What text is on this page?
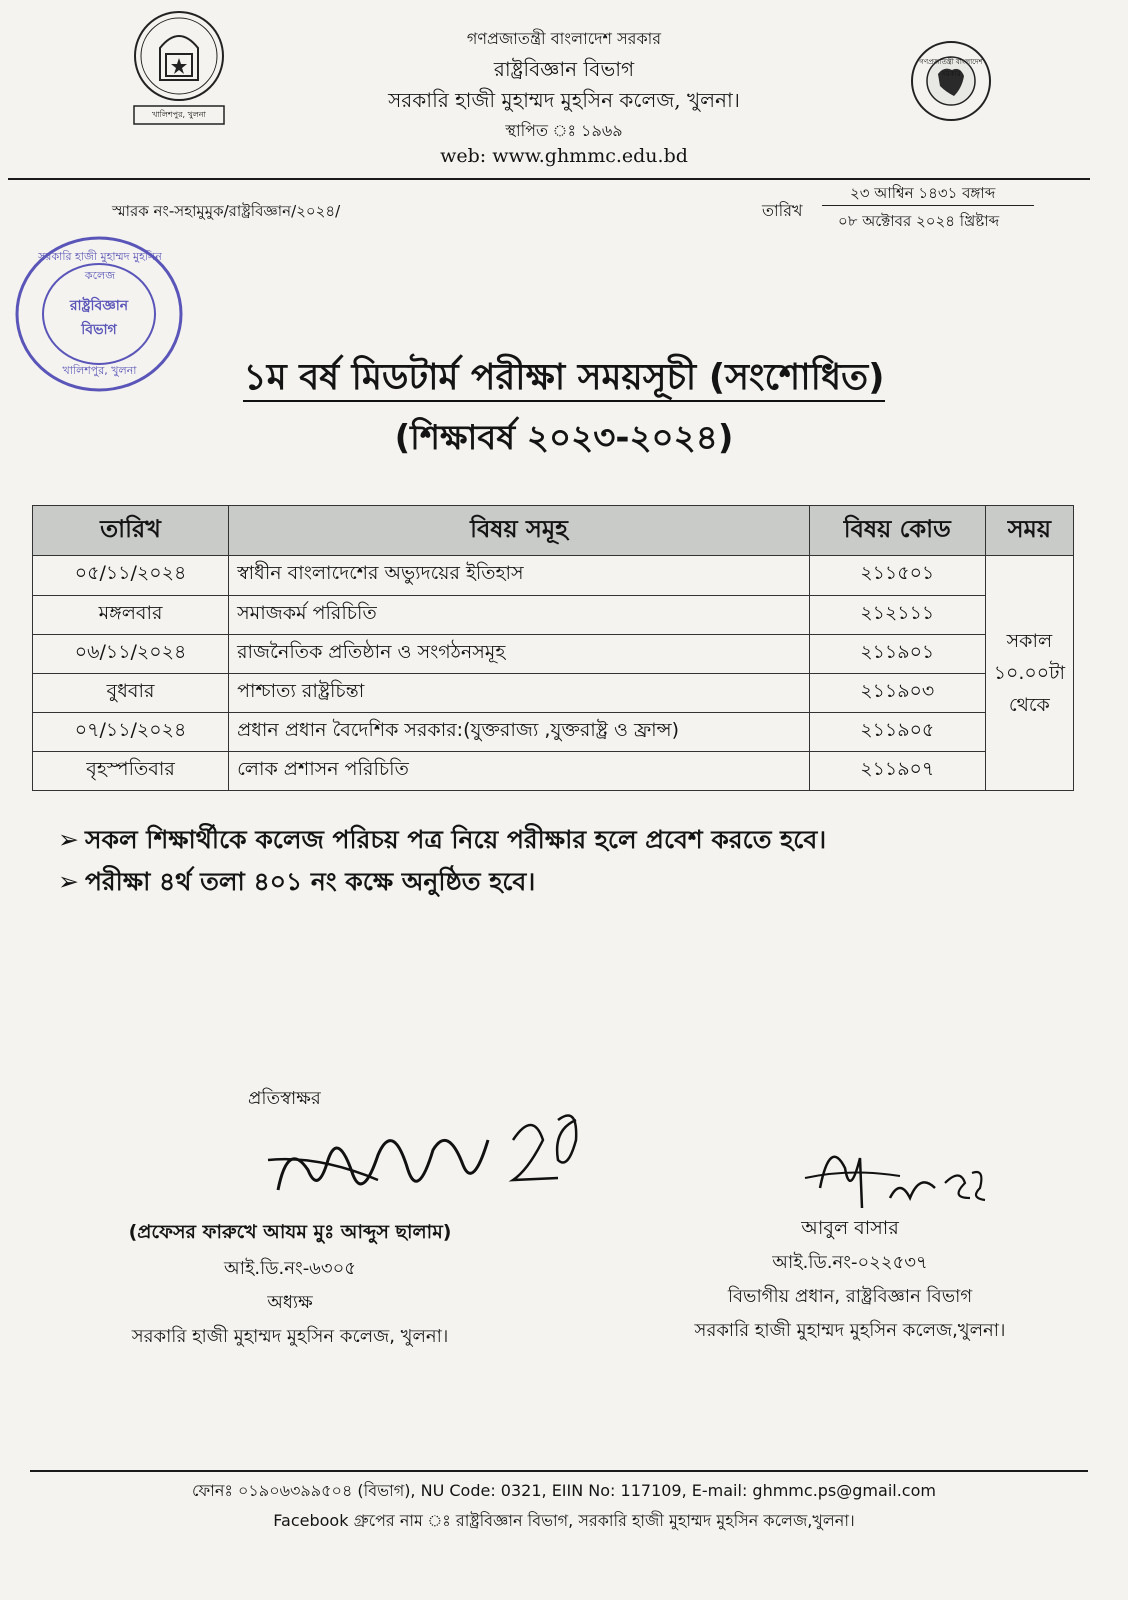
খালিশপুর, খুলনা
গণপ্রজাতন্ত্রী বাংলাদেশ সরকার
গণপ্রজাতন্ত্রী বাংলাদেশ সরকার
রাষ্ট্রবিজ্ঞান বিভাগ
সরকারি হাজী মুহাম্মদ মুহসিন কলেজ, খুলনা।
স্থাপিত ঃ ১৯৬৯
web: www.ghmmc.edu.bd
স্মারক নং-সহামুমুক/রাষ্ট্রবিজ্ঞান/২০২৪/	তারিখ
২৩ আশ্বিন ১৪৩১ বঙ্গাব্দ
০৮ অক্টোবর ২০২৪ খ্রিষ্টাব্দ
সরকারি হাজী মুহাম্মদ মুহসিন কলেজ
রাষ্ট্রবিজ্ঞান বিভাগ
খালিশপুর, খুলনা	১ম বর্ষ মিডটার্ম পরীক্ষা সময়সূচী (সংশোধিত)
(শিক্ষাবর্ষ ২০২৩-২০২৪)
তারিখ	বিষয় সমূহ	বিষয় কোড	সময়
০৫/১১/২০২৪	স্বাধীন বাংলাদেশের অভ্যুদয়ের ইতিহাস	২১১৫০১	সকাল
১০.০০টা
থেকে

মঙ্গলবার	সমাজকর্ম পরিচিতি	২১২১১১	
০৬/১১/২০২৪	রাজনৈতিক প্রতিষ্ঠান ও সংগঠনসমূহ	২১১৯০১	
বুধবার	পাশ্চাত্য রাষ্ট্রচিন্তা	২১১৯০৩	
০৭/১১/২০২৪	প্রধান প্রধান বৈদেশিক সরকার:(যুক্তরাজ্য ,যুক্তরাষ্ট্র ও ফ্রান্স)	২১১৯০৫	
বৃহস্পতিবার	লোক প্রশাসন পরিচিতি	২১১৯০৭	
➢ সকল শিক্ষার্থীকে কলেজ পরিচয় পত্র নিয়ে পরীক্ষার হলে প্রবেশ করতে হবে।
➢ পরীক্ষা ৪র্থ তলা ৪০১ নং কক্ষে অনুষ্ঠিত হবে।
প্রতিস্বাক্ষর
(প্রফেসর ফারুখে আযম মুঃ আব্দুস ছালাম)
আই.ডি.নং-৬৩০৫
অধ্যক্ষ
সরকারি হাজী মুহাম্মদ মুহসিন কলেজ, খুলনা।
আবুল বাসার
আই.ডি.নং-০২২৫৩৭
বিভাগীয় প্রধান, রাষ্ট্রবিজ্ঞান বিভাগ
সরকারি হাজী মুহাম্মদ মুহসিন কলেজ,খুলনা।
ফোনঃ ০১৯০৬৩৯৯৫০৪ (বিভাগ), NU Code: 0321, EIIN No: 117109, E-mail: ghmmc.ps@gmail.com
Facebook গ্রুপের নাম ঃ রাষ্ট্রবিজ্ঞান বিভাগ, সরকারি হাজী মুহাম্মদ মুহসিন কলেজ,খুলনা।
